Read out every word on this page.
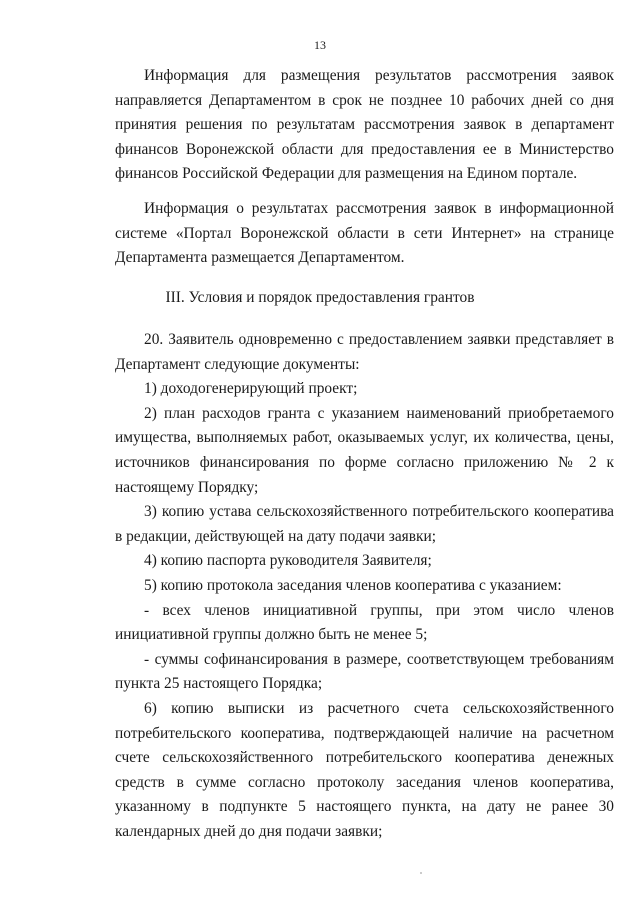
13

Информация для размещения результатов рассмотрения заявок направляется Департаментом в срок не позднее 10 рабочих дней со дня принятия решения по результатам рассмотрения заявок в департамент финансов Воронежской области для предоставления ее в Министерство финансов Российской Федерации для размещения на Едином портале.

Информация о результатах рассмотрения заявок в информационной системе «Портал Воронежской области в сети Интернет» на странице Департамента размещается Департаментом.

III. Условия и порядок предоставления грантов

20. Заявитель одновременно с предоставлением заявки представляет в Департамент следующие документы:

1) доходогенерирующий проект;

2) план расходов гранта с указанием наименований приобретаемого имущества, выполняемых работ, оказываемых услуг, их количества, цены, источников финансирования по форме согласно приложению № 2 к настоящему Порядку;

3) копию устава сельскохозяйственного потребительского кооператива в редакции, действующей на дату подачи заявки;

4) копию паспорта руководителя Заявителя;

5) копию протокола заседания членов кооператива с указанием:

- всех членов инициативной группы, при этом число членов инициативной группы должно быть не менее 5;

- суммы софинансирования в размере, соответствующем требованиям пункта 25 настоящего Порядка;

6) копию выписки из расчетного счета сельскохозяйственного потребительского кооператива, подтверждающей наличие на расчетном счете сельскохозяйственного потребительского кооператива денежных средств в сумме согласно протоколу заседания членов кооператива, указанному в подпункте 5 настоящего пункта, на дату не ранее 30 календарных дней до дня подачи заявки;
